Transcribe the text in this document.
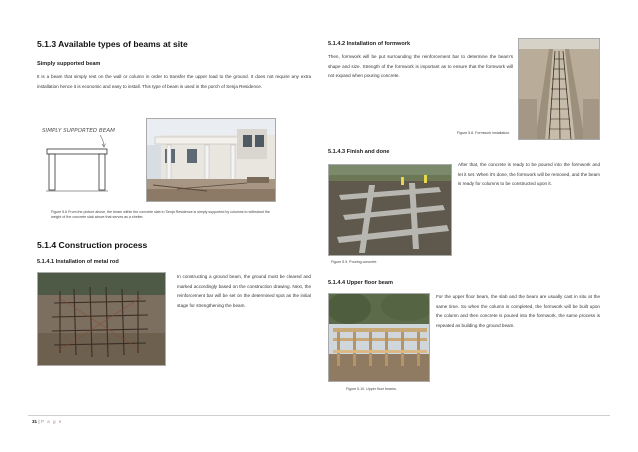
5.1.3 Available types of beams at site
Simply supported beam

It is a beam that simply rest on the wall or column in order to transfer the upper load to the ground. It does not require any extra installation hence it is economic and easy to install. This type of beam is used in the porch of Senja Residence.

SIMPLY SUPPORTED BEAM

Figure 5.6 From the picture above, the beam within the concrete slab in Senja Residence is simply supported by columns to withstand the weight of the concrete slab above that serves as a shelter.

5.1.4 Construction process
5.1.4.1 Installation of metal rod

In constructing a ground beam, the ground must be cleared and marked accordingly based on the construction drawing. Next, the reinforcement bar will be set on the determined spot as the initial stage for strengthening the beam.

5.1.4.2 Installation of formwork

Then, formwork will be put surrounding the reinforcement bar to determine the beam's shape and size. Strength of the formwork is important as to ensure that the formwork will not expand when pouring concrete.

Figure 5.8. Formwork installation.

5.1.4.3 Finish and done

After that, the concrete is ready to be poured into the formwork and let it set. When it's done, the formwork will be removed, and the beam is ready for columns to be constructed upon it.

Figure 5.9. Pouring concrete.

5.1.4.4 Upper floor beam

For the upper floor beam, the slab and the beam are usually cast in situ at the same time. So when the column is completed, the formwork will be built upon the column and then concrete is poured into the formwork, the same process is repeated as building the ground beam.

Figure 5.10. Upper floor beams.

31 | P a g e
